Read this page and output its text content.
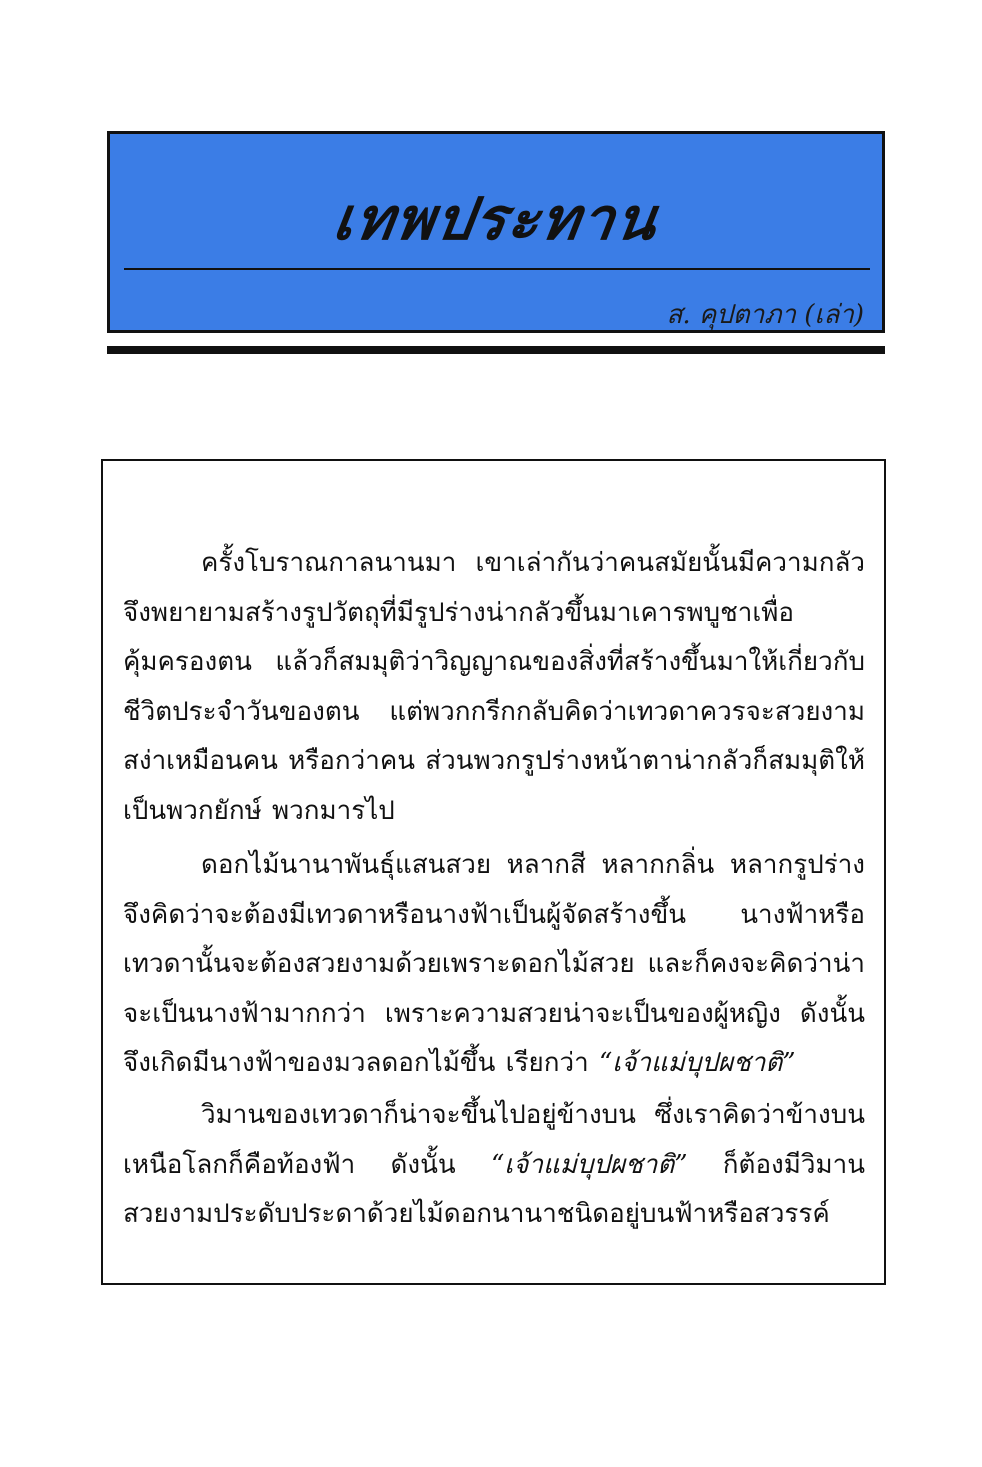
เทพประทาน
ส. คุปตาภา (เล่า)

ครั้งโบราณกาลนานมา เขาเล่ากันว่าคนสมัยนั้นมีความกลัว จึงพยายามสร้างรูปวัตถุที่มีรูปร่างน่ากลัวขึ้นมาเคารพบูชาเพื่อคุ้มครองตน แล้วก็สมมุติว่าวิญญาณของสิ่งที่สร้างขึ้นมาให้เกี่ยวกับชีวิตประจำวันของตน แต่พวกกรีกกลับคิดว่าเทวดาควรจะสวยงามสง่าเหมือนคน หรือกว่าคน ส่วนพวกรูปร่างหน้าตาน่ากลัวก็สมมุติให้เป็นพวกยักษ์ พวกมารไป

ดอกไม้นานาพันธุ์แสนสวย หลากสี หลากกลิ่น หลากรูปร่าง จึงคิดว่าจะต้องมีเทวดาหรือนางฟ้าเป็นผู้จัดสร้างขึ้น นางฟ้าหรือเทวดานั้นจะต้องสวยงามด้วยเพราะดอกไม้สวย และก็คงจะคิดว่าน่าจะเป็นนางฟ้ามากกว่า เพราะความสวยน่าจะเป็นของผู้หญิง ดังนั้นจึงเกิดมีนางฟ้าของมวลดอกไม้ขึ้น เรียกว่า “เจ้าแม่บุปผชาติ”

วิมานของเทวดาก็น่าจะขึ้นไปอยู่ข้างบน ซึ่งเราคิดว่าข้างบนเหนือโลกก็คือท้องฟ้า ดังนั้น “เจ้าแม่บุปผชาติ” ก็ต้องมีวิมานสวยงามประดับประดาด้วยไม้ดอกนานาชนิดอยู่บนฟ้าหรือสวรรค์
